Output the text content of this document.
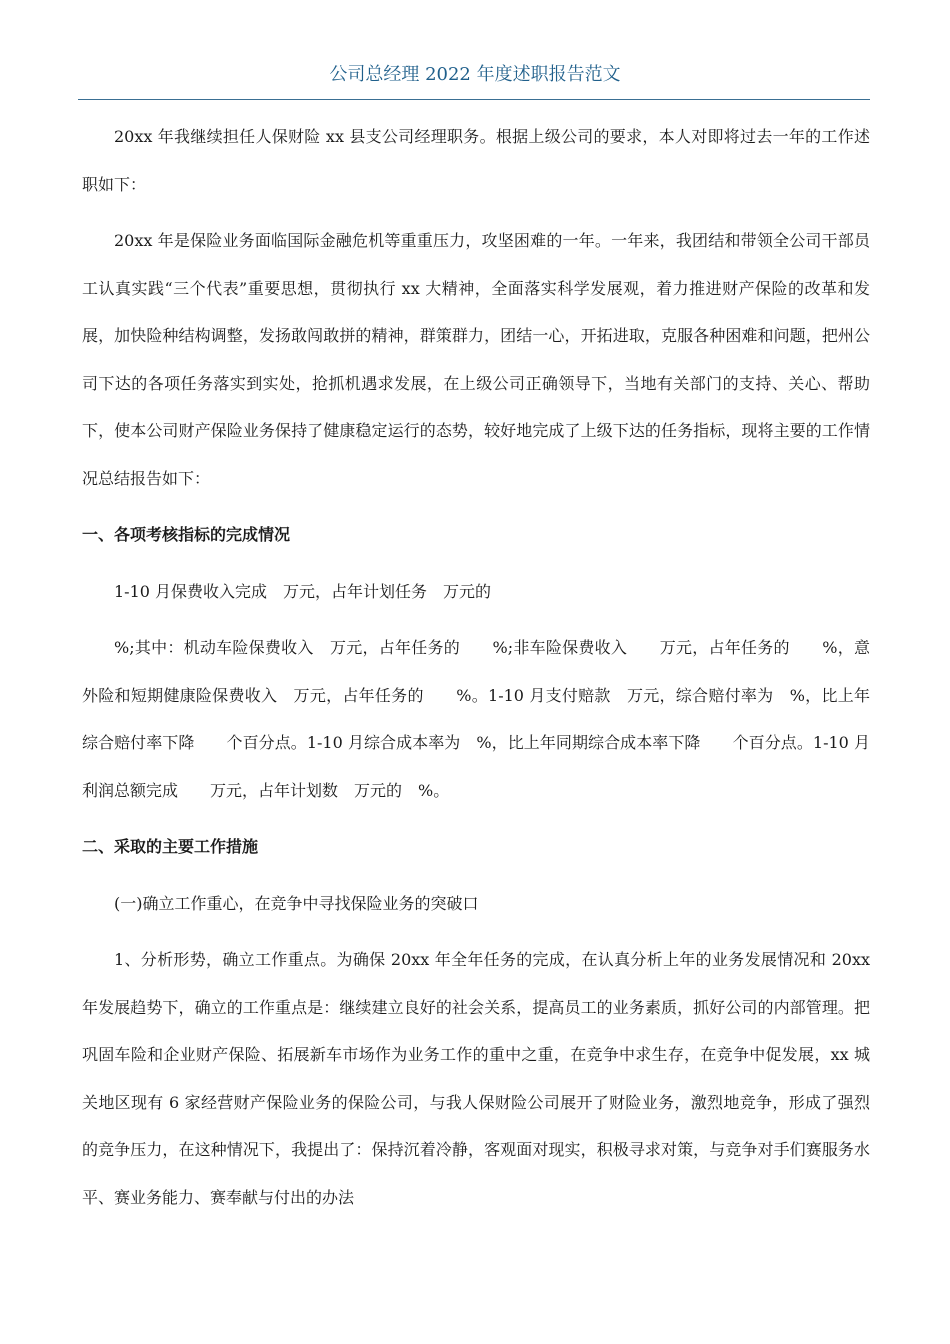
公司总经理 2022 年度述职报告范文

20xx 年我继续担任人保财险 xx 县支公司经理职务。根据上级公司的要求，本人对即将过去一年的工作述职如下：

20xx 年是保险业务面临国际金融危机等重重压力，攻坚困难的一年。一年来，我团结和带领全公司干部员工认真实践“三个代表”重要思想，贯彻执行 xx 大精神，全面落实科学发展观，着力推进财产保险的改革和发展，加快险种结构调整，发扬敢闯敢拼的精神，群策群力，团结一心，开拓进取，克服各种困难和问题，把州公司下达的各项任务落实到实处，抢抓机遇求发展，在上级公司正确领导下，当地有关部门的支持、关心、帮助下，使本公司财产保险业务保持了健康稳定运行的态势，较好地完成了上级下达的任务指标，现将主要的工作情况总结报告如下：

一、各项考核指标的完成情况

1-10 月保费收入完成　万元，占年计划任务　万元的

%;其中：机动车险保费收入　万元，占年任务的　　%;非车险保费收入　　万元，占年任务的　　%，意外险和短期健康险保费收入　万元，占年任务的　　%。1-10 月支付赔款　万元，综合赔付率为　%，比上年综合赔付率下降　　个百分点。1-10 月综合成本率为　%，比上年同期综合成本率下降　　个百分点。1-10 月利润总额完成　　万元，占年计划数　万元的　%。

二、采取的主要工作措施

(一)确立工作重心，在竞争中寻找保险业务的突破口

1、分析形势，确立工作重点。为确保 20xx 年全年任务的完成，在认真分析上年的业务发展情况和 20xx 年发展趋势下，确立的工作重点是：继续建立良好的社会关系，提高员工的业务素质，抓好公司的内部管理。把巩固车险和企业财产保险、拓展新车市场作为业务工作的重中之重，在竞争中求生存，在竞争中促发展，xx 城关地区现有 6 家经营财产保险业务的保险公司，与我人保财险公司展开了财险业务，激烈地竞争，形成了强烈的竞争压力，在这种情况下，我提出了：保持沉着冷静，客观面对现实，积极寻求对策，与竞争对手们赛服务水平、赛业务能力、赛奉献与付出的办法
